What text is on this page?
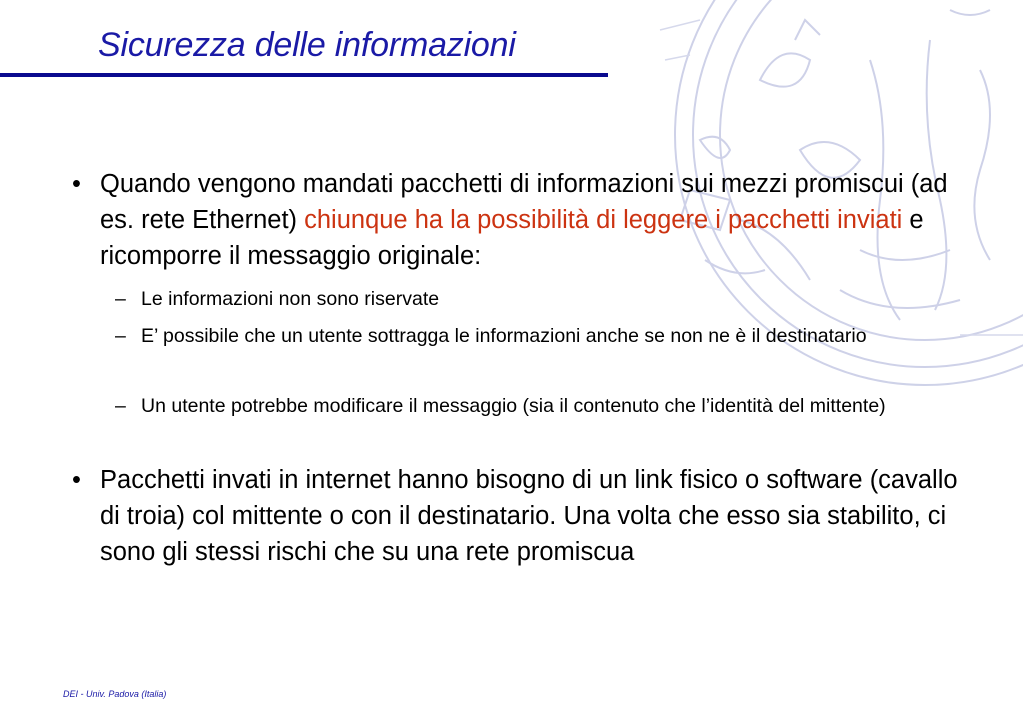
Sicurezza delle informazioni
• Quando vengono mandati pacchetti di informazioni sui mezzi promiscui (ad es. rete Ethernet) chiunque ha la possibilità di leggere i pacchetti inviati e ricomporre il messaggio originale:
– Le informazioni non sono riservate
– E’ possibile che un utente sottragga le informazioni anche se non ne è il destinatario
– Un utente potrebbe modificare il messaggio (sia il contenuto che l’identità del mittente)
• Pacchetti invati in internet hanno bisogno di un link fisico o software (cavallo di troia) col mittente o con il destinatario. Una volta che esso sia stabilito, ci sono gli stessi rischi che su una rete promiscua
DEI - Univ. Padova (Italia)
